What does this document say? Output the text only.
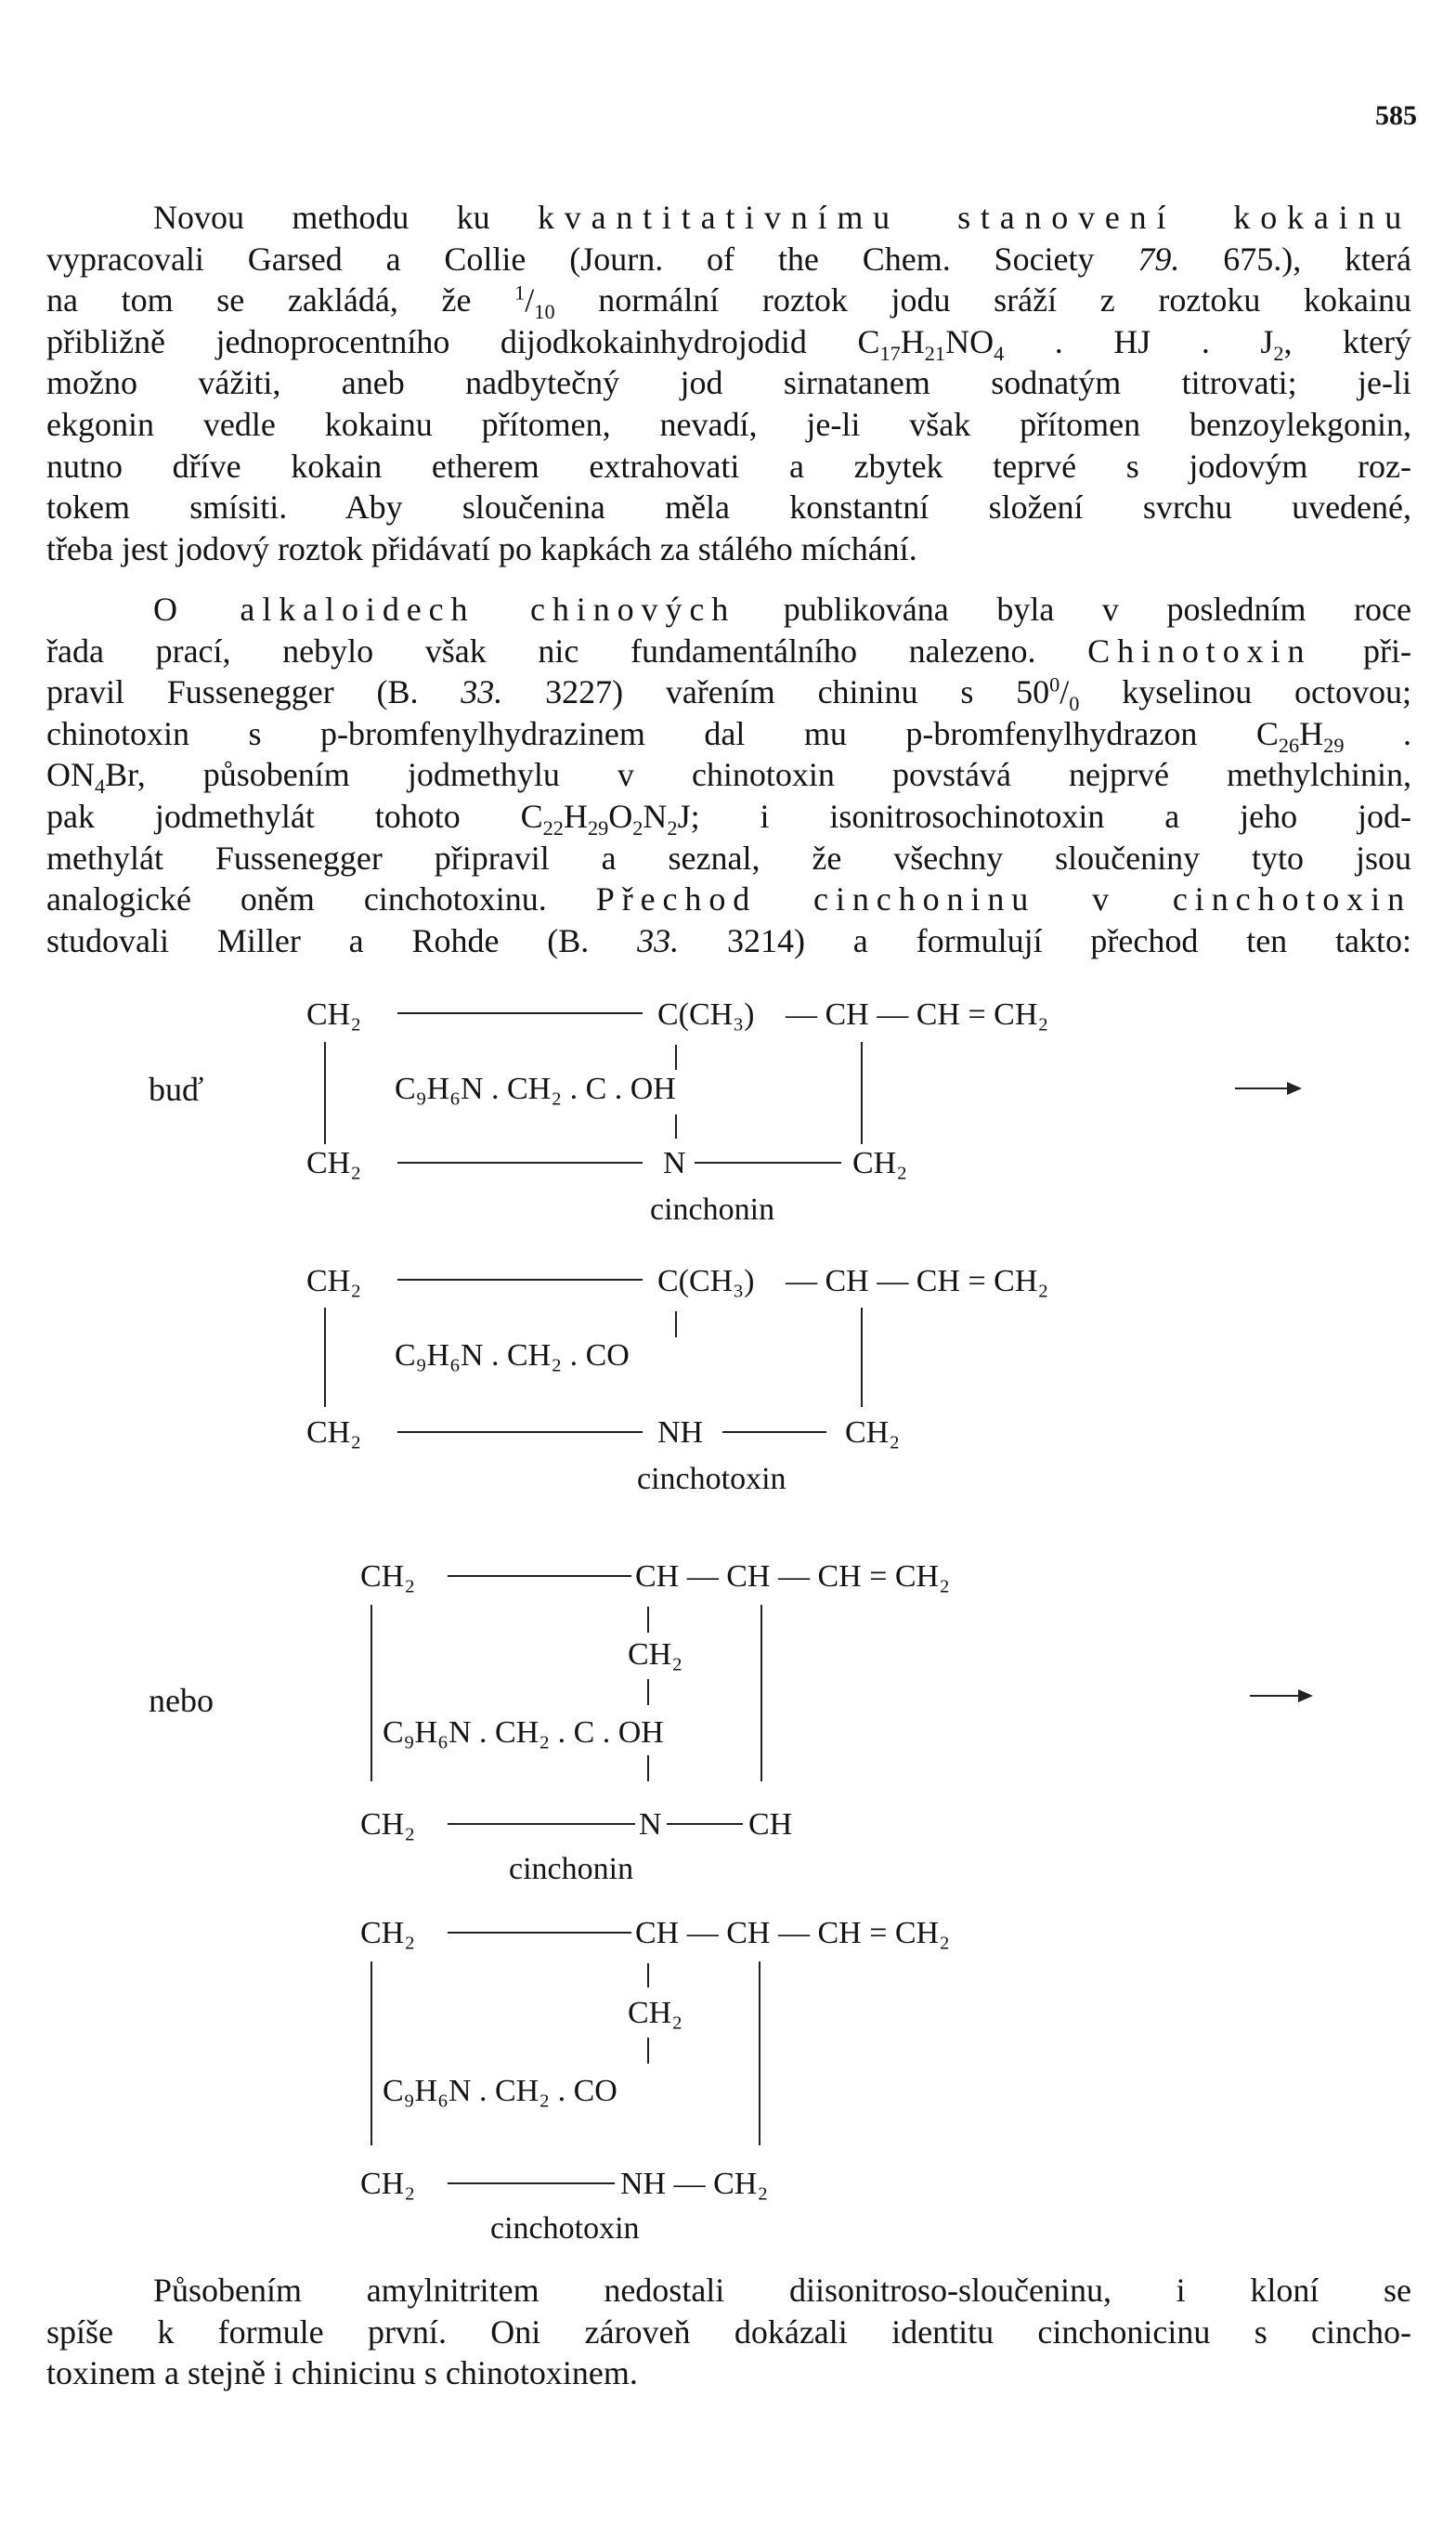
585

Novou methodu ku kvantitativnímu stanovení kokainu

vypracovali Garsed a Collie (Journ. of the Chem. Society 79. 675.), která

na tom se zakládá, že $^1/_{10}$ normální roztok jodu sráží z roztoku kokainu

přibližně jednoprocentního dijodkokainhydrojodid $C_{17}H_{21}NO_4$ . HJ . $J_2$, který

možno vážiti, aneb nadbytečný jod sirnatanem sodnatým titrovati; je-li

ekgonin vedle kokainu přítomen, nevadí, je-li však přítomen benzoylekgonin,

nutno dříve kokain etherem extrahovati a zbytek teprvé s jodovým roz-

tokem smísiti. Aby sloučenina měla konstantní složení svrchu uvedené,

třeba jest jodový roztok přidávatí po kapkách za stálého míchání.

O alkaloidech chinových publikována byla v posledním roce

řada prací, nebylo však nic fundamentálního nalezeno. Chinotoxin při-

pravil Fussenegger (B. 33. 3227) vařením chininu s $50^0/_0$ kyselinou octovou;

chinotoxin s p-bromfenylhydrazinem dal mu p-bromfenylhydrazon $C_{26}H_{29}$ .

$ON_4Br$, působením jodmethylu v chinotoxin povstává nejprvé methylchinin,

pak jodmethylát tohoto $C_{22}H_{29}O_2N_2J$; i isonitrosochinotoxin a jeho jod-

methylát Fussenegger připravil a seznal, že všechny sloučeniny tyto jsou

analogické oněm cinchotoxinu. Přechod cinchoninu v cinchotoxin

studovali Miller a Rohde (B. 33. 3214) a formulují přechod ten takto:

buď
CH₂	C(CH₃) — CH — CH = CH₂
C₉H₆N . CH₂ . C . OH
CH₂	N	CH₂
cinchonin
CH₂	C(CH₃) — CH — CH = CH₂
C₉H₆N . CH₂ . CO
CH₂	NH	CH₂
cinchotoxin
nebo
CH₂	CH — CH — CH = CH₂
CH₂
C₉H₆N . CH₂ . C . OH
CH₂	N	CH
cinchonin
CH₂	CH — CH — CH = CH₂
CH₂
C₉H₆N . CH₂ . CO
CH₂	NH — CH₂
cinchotoxin

Působením amylnitritem nedostali diisonitroso-sloučeninu, i kloní se

spíše k formule první. Oni zároveň dokázali identitu cinchonicinu s cincho-

toxinem a stejně i chinicinu s chinotoxinem.
